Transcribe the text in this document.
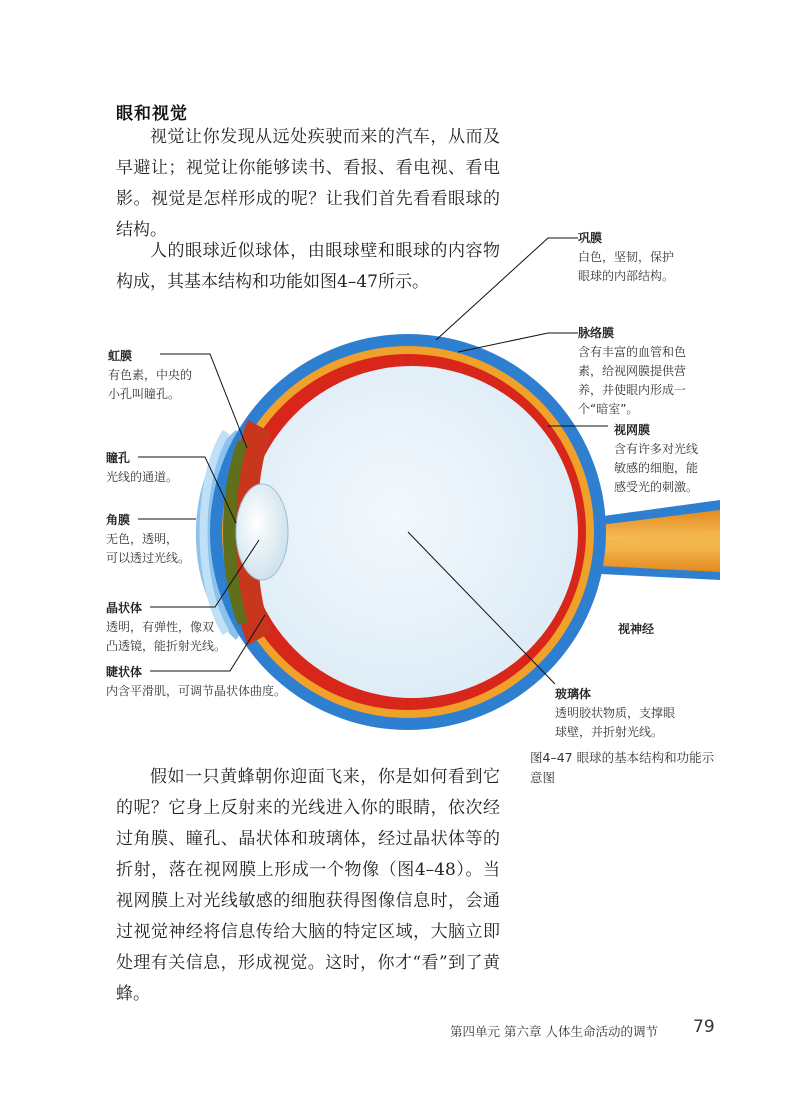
眼和视觉

视觉让你发现从远处疾驶而来的汽车，从而及早避让；视觉让你能够读书、看报、看电视、看电影。视觉是怎样形成的呢？让我们首先看看眼球的结构。

人的眼球近似球体，由眼球壁和眼球的内容物构成，其基本结构和功能如图4–47所示。

巩膜
白色，坚韧，保护
眼球的内部结构。
脉络膜
含有丰富的血管和色
素，给视网膜提供营
养，并使眼内形成一
个“暗室”。
视网膜
含有许多对光线
敏感的细胞，能
感受光的刺激。
视神经
玻璃体
透明胶状物质，支撑眼
球壁，并折射光线。
虹膜
有色素，中央的
小孔叫瞳孔。
瞳孔
光线的通道。
角膜
无色，透明，
可以透过光线。
晶状体
透明，有弹性，像双
凸透镜，能折射光线。
睫状体
内含平滑肌，可调节晶状体曲度。
图4–47 眼球的基本结构和功能示意图

假如一只黄蜂朝你迎面飞来，你是如何看到它的呢？它身上反射来的光线进入你的眼睛，依次经过角膜、瞳孔、晶状体和玻璃体，经过晶状体等的折射，落在视网膜上形成一个物像（图4–48）。当视网膜上对光线敏感的细胞获得图像信息时，会通过视觉神经将信息传给大脑的特定区域，大脑立即处理有关信息，形成视觉。这时，你才“看”到了黄蜂。

第四单元 第六章 人体生命活动的调节 79
